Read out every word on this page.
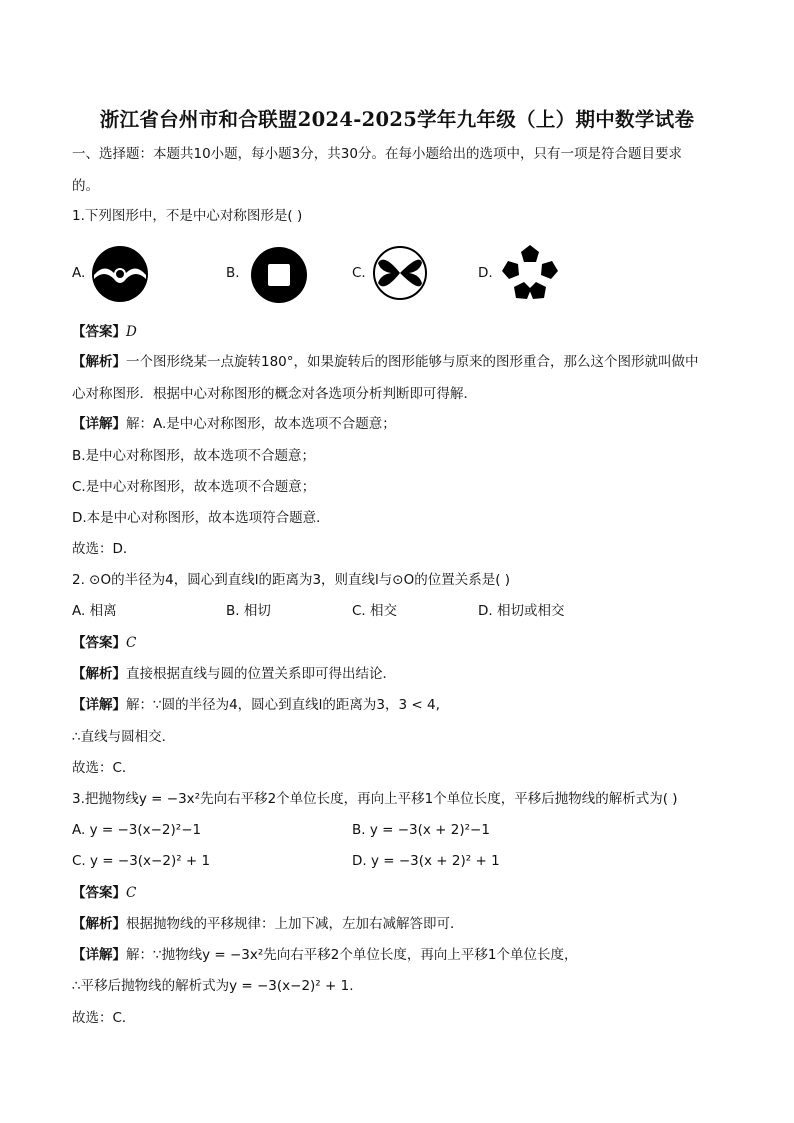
浙江省台州市和合联盟2024-2025学年九年级（上）期中数学试卷
一、选择题：本题共10小题，每小题3分，共30分。在每小题给出的选项中，只有一项是符合题目要求
的。
1.下列图形中，不是中心对称图形是( )
A.	B.	C.	D.
【答案】D
【解析】一个图形绕某一点旋转180°，如果旋转后的图形能够与原来的图形重合，那么这个图形就叫做中
心对称图形．根据中心对称图形的概念对各选项分析判断即可得解．
【详解】解：A.是中心对称图形，故本选项不合题意；
B.是中心对称图形，故本选项不合题意；
C.是中心对称图形，故本选项不合题意；
D.本是中心对称图形，故本选项符合题意．
故选：D．
2. ⊙O的半径为4，圆心到直线l的距离为3，则直线l与⊙O的位置关系是( )
A. 相离	B. 相切	C. 相交	D. 相切或相交
【答案】C
【解析】直接根据直线与圆的位置关系即可得出结论．
【详解】解：∵圆的半径为4，圆心到直线l的距离为3，3 < 4,
∴直线与圆相交．
故选：C．
3.把抛物线y = −3x²先向右平移2个单位长度，再向上平移1个单位长度，平移后抛物线的解析式为( )
A. y = −3(x−2)²−1	B. y = −3(x + 2)²−1
C. y = −3(x−2)² + 1	D. y = −3(x + 2)² + 1
【答案】C
【解析】根据抛物线的平移规律：上加下减，左加右减解答即可．
【详解】解：∵抛物线y = −3x²先向右平移2个单位长度，再向上平移1个单位长度，
∴平移后抛物线的解析式为y = −3(x−2)² + 1.
故选：C．
